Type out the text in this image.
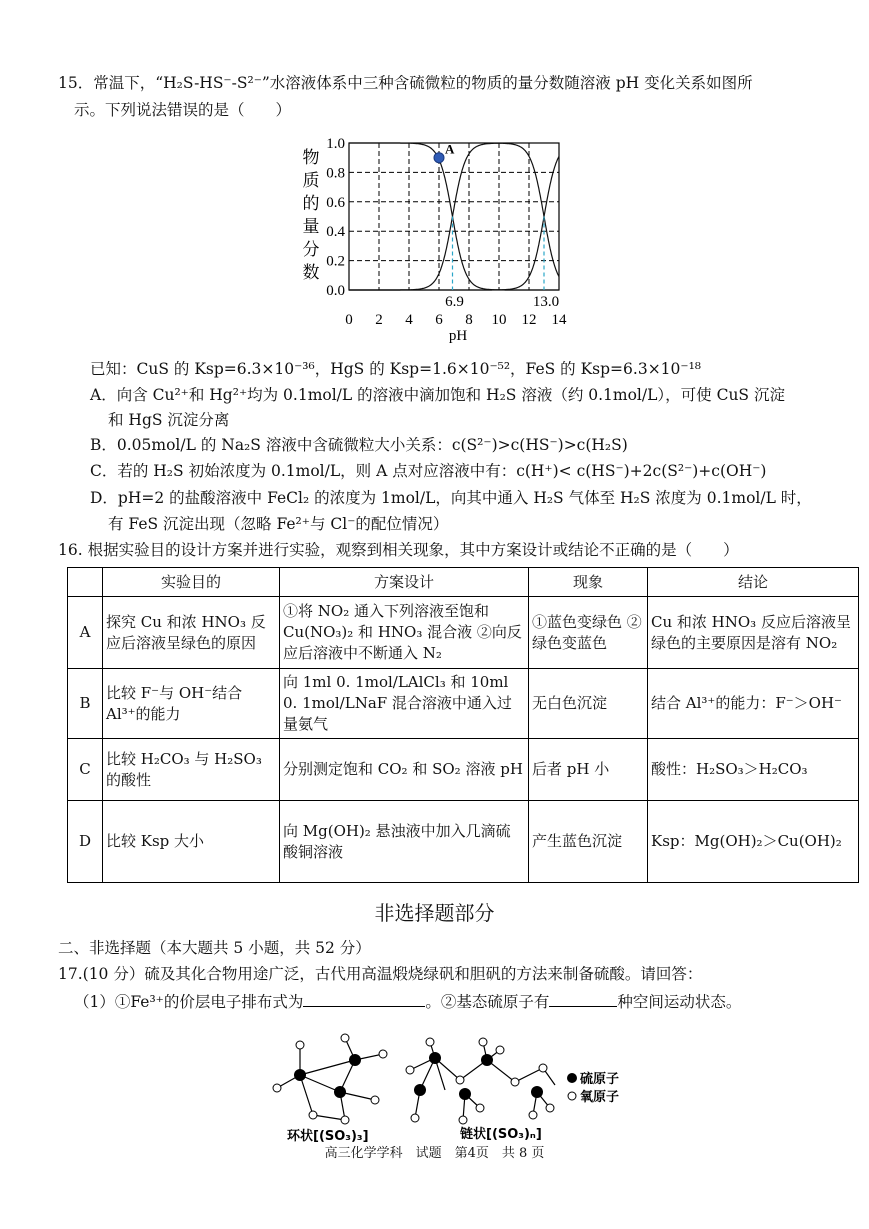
15．常温下，“H₂S-HS⁻-S²⁻”水溶液体系中三种含硫微粒的物质的量分数随溶液 pH 变化关系如图所
示。下列说法错误的是（　　）
物
质
的
量
分
数
0.0
0.2
0.4
0.6
0.8
1.0
0 2 4 6 8 10 12 14
6.9	13.0
A
pH
已知：CuS 的 Ksp=6.3×10⁻³⁶，HgS 的 Ksp=1.6×10⁻⁵²，FeS 的 Ksp=6.3×10⁻¹⁸
A．向含 Cu²⁺和 Hg²⁺均为 0.1mol/L 的溶液中滴加饱和 H₂S 溶液（约 0.1mol/L），可使 CuS 沉淀
和 HgS 沉淀分离
B．0.05mol/L 的 Na₂S 溶液中含硫微粒大小关系：c(S²⁻)>c(HS⁻)>c(H₂S)
C．若的 H₂S 初始浓度为 0.1mol/L，则 A 点对应溶液中有：c(H⁺)< c(HS⁻)+2c(S²⁻)+c(OH⁻)
D．pH=2 的盐酸溶液中 FeCl₂ 的浓度为 1mol/L，向其中通入 H₂S 气体至 H₂S 浓度为 0.1mol/L 时，
有 FeS 沉淀出现（忽略 Fe²⁺与 Cl⁻的配位情况）
16. 根据实验目的设计方案并进行实验，观察到相关现象，其中方案设计或结论不正确的是（　　）
	实验目的	方案设计	现象	结论
A	探究 Cu 和浓 HNO₃ 反应后溶液呈绿色的原因	①将 NO₂ 通入下列溶液至饱和 Cu(NO₃)₂ 和 HNO₃ 混合液 ②向反应后溶液中不断通入 N₂	①蓝色变绿色 ②绿色变蓝色	Cu 和浓 HNO₃ 反应后溶液呈绿色的主要原因是溶有 NO₂
B	比较 F⁻与 OH⁻结合 Al³⁺的能力	向 1ml 0. 1mol/LAlCl₃ 和 10ml 0. 1mol/LNaF 混合溶液中通入过量氨气	无白色沉淀	结合 Al³⁺的能力：F⁻＞OH⁻
C	比较 H₂CO₃ 与 H₂SO₃ 的酸性	分别测定饱和 CO₂ 和 SO₂ 溶液 pH	后者 pH 小	酸性：H₂SO₃＞H₂CO₃
D	比较 Ksp 大小	向 Mg(OH)₂ 悬浊液中加入几滴硫酸铜溶液	产生蓝色沉淀	Ksp：Mg(OH)₂＞Cu(OH)₂
非选择题部分
二、非选择题（本大题共 5 小题，共 52 分）
17.(10 分）硫及其化合物用途广泛，古代用高温煅烧绿矾和胆矾的方法来制备硫酸。请回答：
（1）①Fe³⁺的价层电子排布式为	。②基态硫原子有	种空间运动状态。
硫原子
氧原子
环状[(SO₃)₃]	链状[(SO₃)ₙ]
高三化学学科　试题　第4页　共 8 页
